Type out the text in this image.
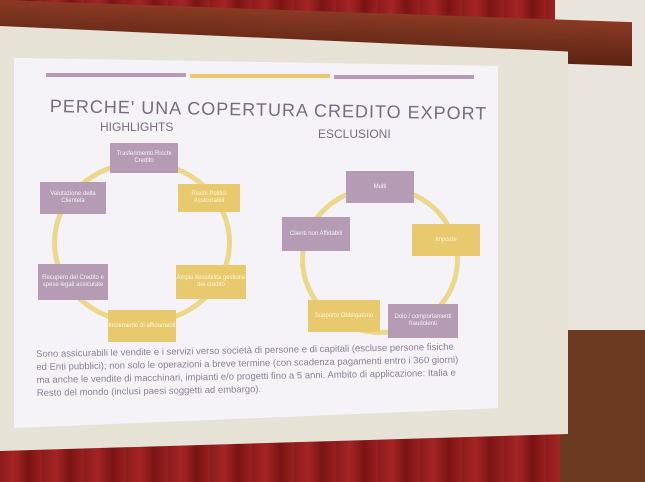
PERCHE' UNA COPERTURA CREDITO EXPORT
HIGHLIGHTS	ESCLUSIONI
Trasferimento Rischi Credito
Rischi Politici Assicurabili
Ampia flessibilita gestione dei credito
Incremento di affidamenti
Recupero del Credito e spese legali assicurate
Valutazione della Clientela
Multi
Imposte
Dolo / comportamenti fraudolenti
Supporto Obbligatorio
Clienti non Affidabili
Sono assicurabili le vendite e i servizi verso società di persone e di capitali (escluse persone fisiche ed Enti pubblici); non solo le operazioni a breve termine (con scadenza pagamenti entro i 360 giorni) ma anche le vendite di macchinari, impianti e/o progetti fino a 5 anni. Ambito di applicazione: Italia e Resto del mondo (inclusi paesi soggetti ad embargo).
